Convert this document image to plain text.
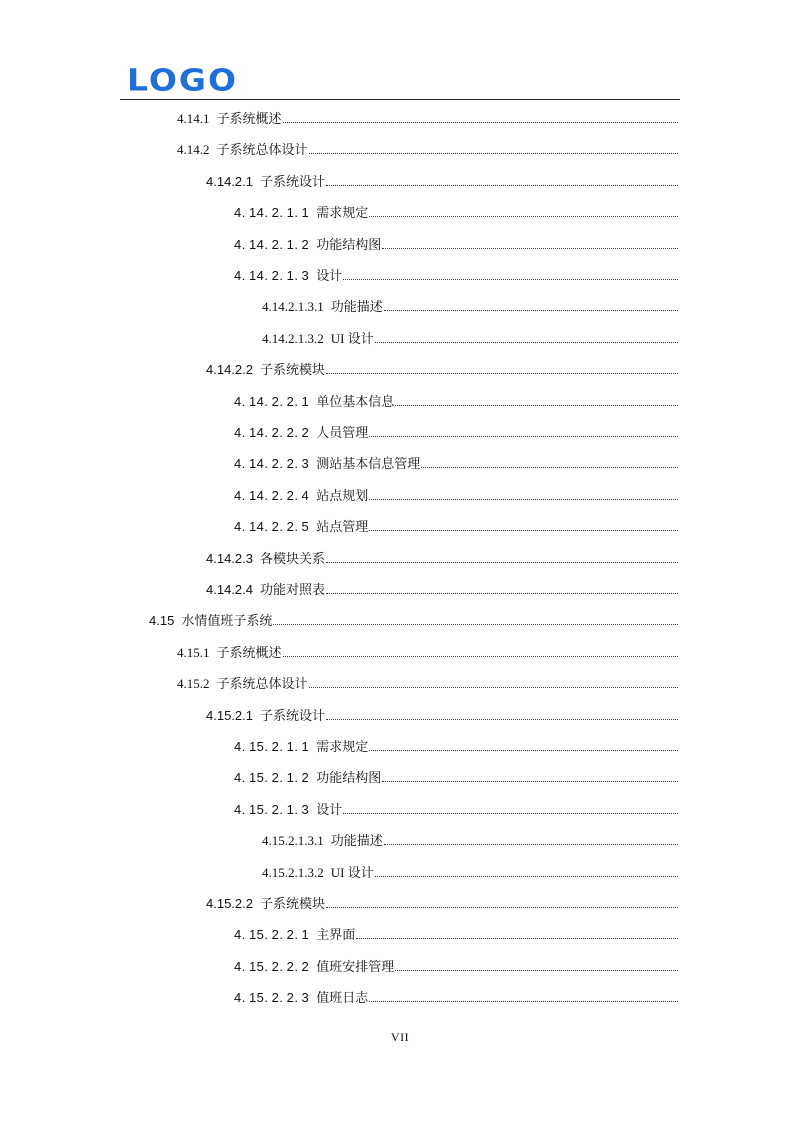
LOGO
4.14.1 子系统概述
4.14.2 子系统总体设计
4.14.2.1 子系统设计
4. 14. 2. 1. 1 需求规定
4. 14. 2. 1. 2 功能结构图
4. 14. 2. 1. 3 设计
4.14.2.1.3.1 功能描述
4.14.2.1.3.2 UI 设计
4.14.2.2 子系统模块
4. 14. 2. 2. 1 单位基本信息
4. 14. 2. 2. 2 人员管理
4. 14. 2. 2. 3 测站基本信息管理
4. 14. 2. 2. 4 站点规划
4. 14. 2. 2. 5 站点管理
4.14.2.3 各模块关系
4.14.2.4 功能对照表
4.15 水情值班子系统
4.15.1 子系统概述
4.15.2 子系统总体设计
4.15.2.1 子系统设计
4. 15. 2. 1. 1 需求规定
4. 15. 2. 1. 2 功能结构图
4. 15. 2. 1. 3 设计
4.15.2.1.3.1 功能描述
4.15.2.1.3.2 UI 设计
4.15.2.2 子系统模块
4. 15. 2. 2. 1 主界面
4. 15. 2. 2. 2 值班安排管理
4. 15. 2. 2. 3 值班日志
VII
